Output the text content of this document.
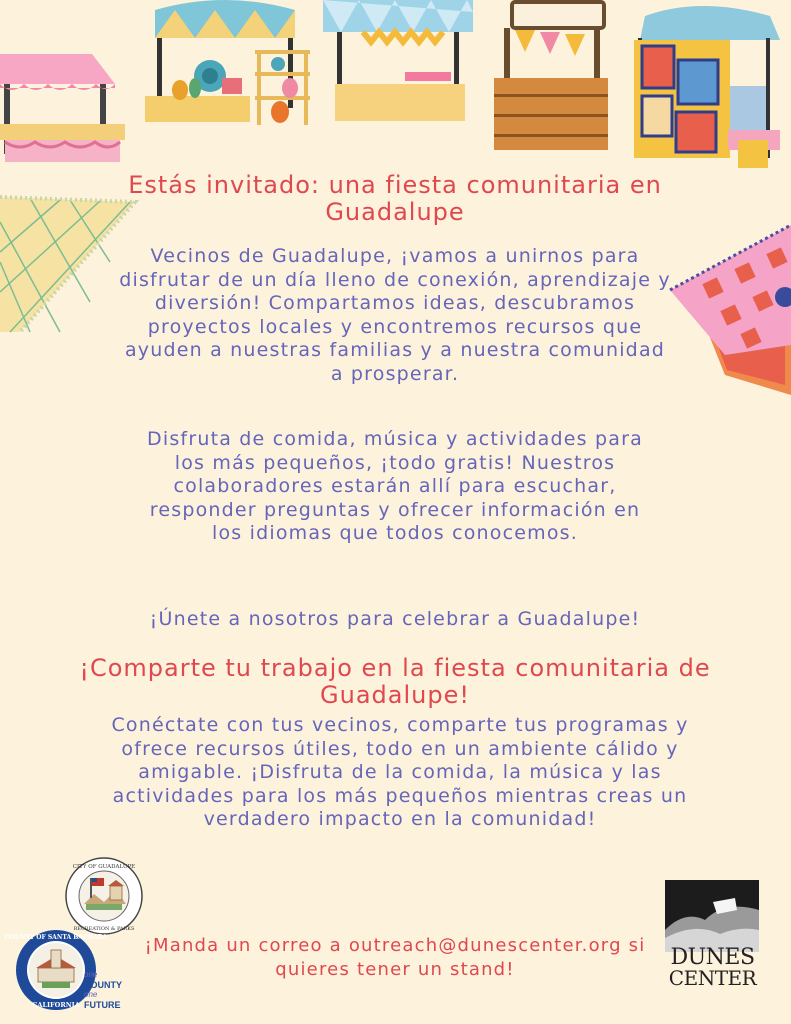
Estás invitado: una fiesta comunitaria en Guadalupe

Vecinos de Guadalupe, ¡vamos a unirnos para disfrutar de un día lleno de conexión, aprendizaje y diversión! Compartamos ideas, descubramos proyectos locales y encontremos recursos que ayuden a nuestras familias y a nuestra comunidad a prosperar.

Disfruta de comida, música y actividades para los más pequeños, ¡todo gratis! Nuestros colaboradores estarán allí para escuchar, responder preguntas y ofrecer información en los idiomas que todos conocemos.

¡Únete a nosotros para celebrar a Guadalupe!

¡Comparte tu trabajo en la fiesta comunitaria de Guadalupe!

Conéctate con tus vecinos, comparte tus programas y ofrece recursos útiles, todo en un ambiente cálido y amigable. ¡Disfruta de la comida, la música y las actividades para los más pequeños mientras creas un verdadero impacto en la comunidad!

¡Manda un correo a outreach@dunescenter.org si quieres tener un stand!

CITY OF GUADALUPE
RECREATION & PARKS
COUNTY OF SANTA BARBARA
CALIFORNIA
one
COUNTY
one
FUTURE
DUNES
CENTER
